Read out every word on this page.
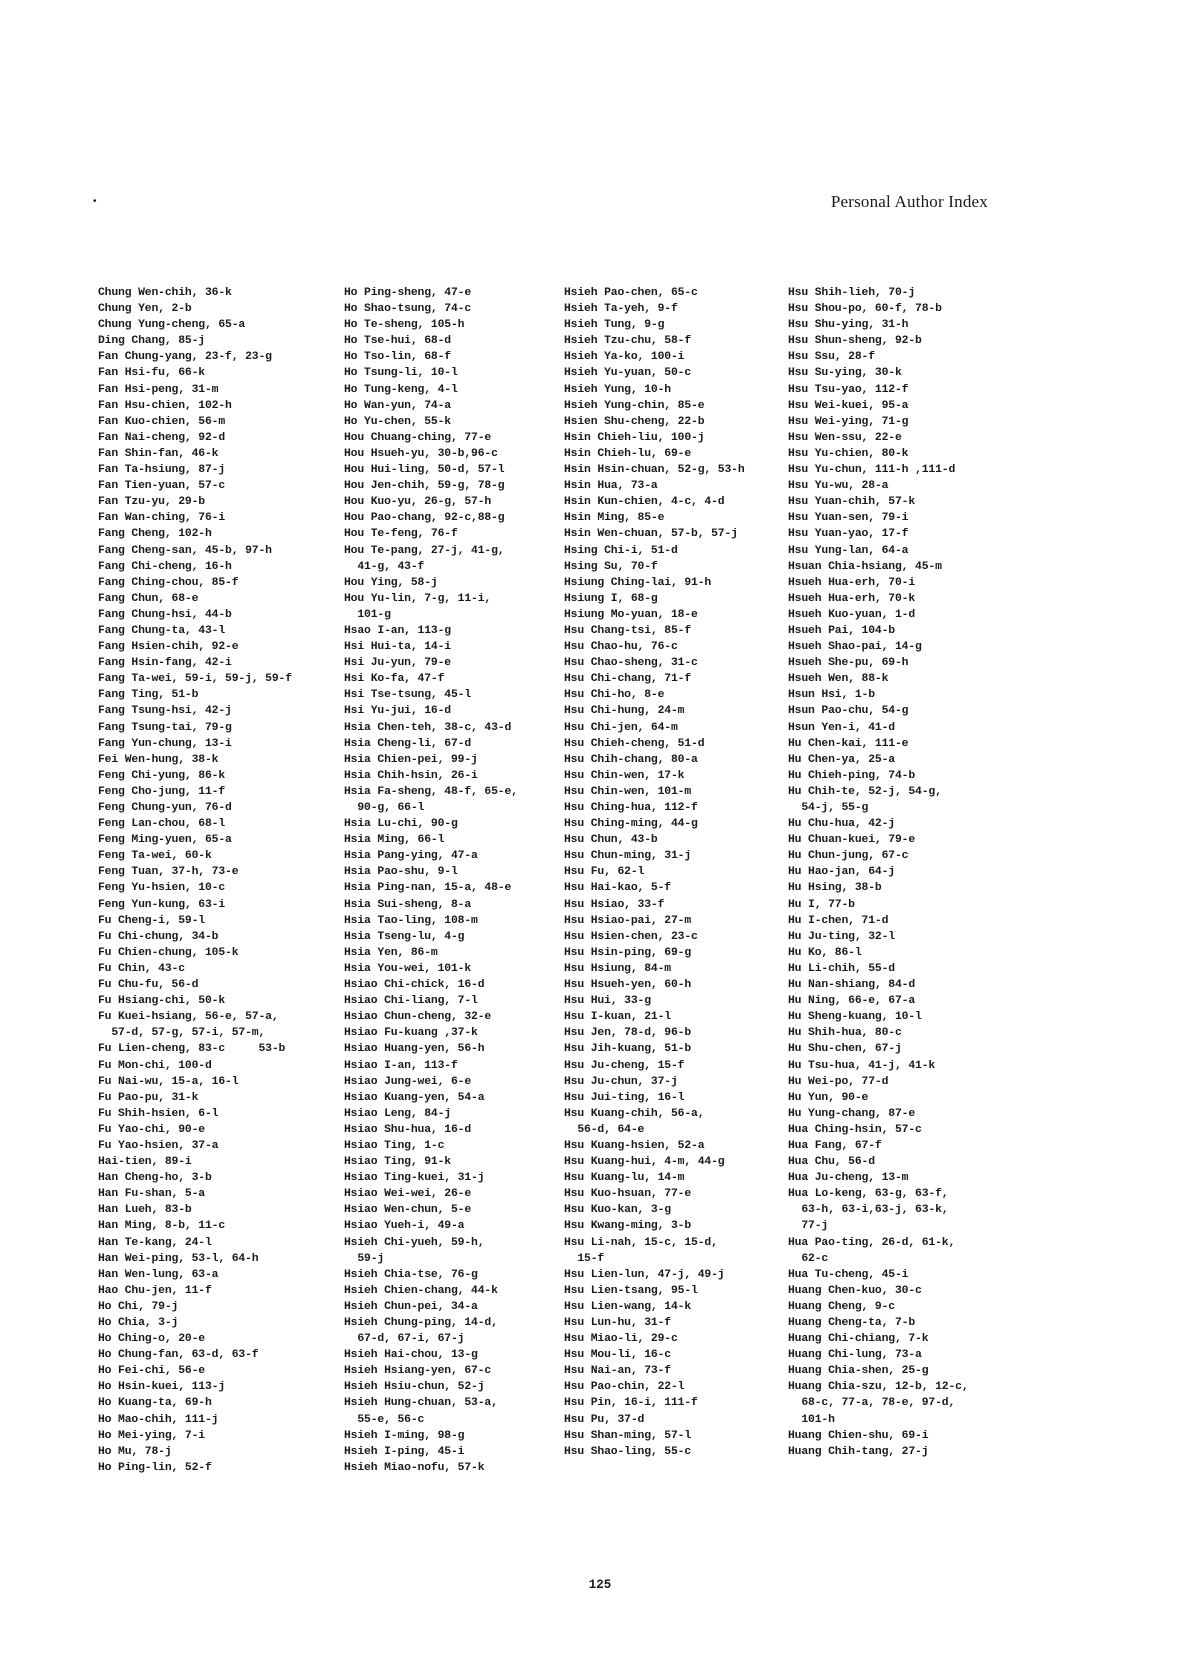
•	Personal Author Index
Chung Wen-chih, 36-k
Chung Yen, 2-b
Chung Yung-cheng, 65-a
Ding Chang, 85-j
Fan Chung-yang, 23-f, 23-g
Fan Hsi-fu, 66-k
Fan Hsi-peng, 31-m
Fan Hsu-chien, 102-h
Fan Kuo-chien, 56-m
Fan Nai-cheng, 92-d
Fan Shin-fan, 46-k
Fan Ta-hsiung, 87-j
Fan Tien-yuan, 57-c
Fan Tzu-yu, 29-b
Fan Wan-ching, 76-i
Fang Cheng, 102-h
Fang Cheng-san, 45-b, 97-h
Fang Chi-cheng, 16-h
Fang Ching-chou, 85-f
Fang Chun, 68-e
Fang Chung-hsi, 44-b
Fang Chung-ta, 43-l
Fang Hsien-chih, 92-e
Fang Hsin-fang, 42-i
Fang Ta-wei, 59-i, 59-j, 59-f
Fang Ting, 51-b
Fang Tsung-hsi, 42-j
Fang Tsung-tai, 79-g
Fang Yun-chung, 13-i
Fei Wen-hung, 38-k
Feng Chi-yung, 86-k
Feng Cho-jung, 11-f
Feng Chung-yun, 76-d
Feng Lan-chou, 68-l
Feng Ming-yuen, 65-a
Feng Ta-wei, 60-k
Feng Tuan, 37-h, 73-e
Feng Yu-hsien, 10-c
Feng Yun-kung, 63-i
Fu Cheng-i, 59-l
Fu Chi-chung, 34-b
Fu Chien-chung, 105-k
Fu Chin, 43-c
Fu Chu-fu, 56-d
Fu Hsiang-chi, 50-k
Fu Kuei-hsiang, 56-e, 57-a,
57-d, 57-g, 57-i, 57-m,
Fu Lien-cheng, 83-c     53-b
Fu Mon-chi, 100-d
Fu Nai-wu, 15-a, 16-l
Fu Pao-pu, 31-k
Fu Shih-hsien, 6-l
Fu Yao-chi, 90-e
Fu Yao-hsien, 37-a
Hai-tien, 89-i
Han Cheng-ho, 3-b
Han Fu-shan, 5-a
Han Lueh, 83-b
Han Ming, 8-b, 11-c
Han Te-kang, 24-l
Han Wei-ping, 53-l, 64-h
Han Wen-lung, 63-a
Hao Chu-jen, 11-f
Ho Chi, 79-j
Ho Chia, 3-j
Ho Ching-o, 20-e
Ho Chung-fan, 63-d, 63-f
Ho Fei-chi, 56-e
Ho Hsin-kuei, 113-j
Ho Kuang-ta, 69-h
Ho Mao-chih, 111-j
Ho Mei-ying, 7-i
Ho Mu, 78-j
Ho Ping-lin, 52-f
Ho Ping-sheng, 47-e
Ho Shao-tsung, 74-c
Ho Te-sheng, 105-h
Ho Tse-hui, 68-d
Ho Tso-lin, 68-f
Ho Tsung-li, 10-l
Ho Tung-keng, 4-l
Ho Wan-yun, 74-a
Ho Yu-chen, 55-k
Hou Chuang-ching, 77-e
Hou Hsueh-yu, 30-b,96-c
Hou Hui-ling, 50-d, 57-l
Hou Jen-chih, 59-g, 78-g
Hou Kuo-yu, 26-g, 57-h
Hou Pao-chang, 92-c,88-g
Hou Te-feng, 76-f
Hou Te-pang, 27-j, 41-g,
41-g, 43-f
Hou Ying, 58-j
Hou Yu-lin, 7-g, 11-i,
101-g
Hsao I-an, 113-g
Hsi Hui-ta, 14-i
Hsi Ju-yun, 79-e
Hsi Ko-fa, 47-f
Hsi Tse-tsung, 45-l
Hsi Yu-jui, 16-d
Hsia Chen-teh, 38-c, 43-d
Hsia Cheng-li, 67-d
Hsia Chien-pei, 99-j
Hsia Chih-hsin, 26-i
Hsia Fa-sheng, 48-f, 65-e,
90-g, 66-l
Hsia Lu-chi, 90-g
Hsia Ming, 66-l
Hsia Pang-ying, 47-a
Hsia Pao-shu, 9-l
Hsia Ping-nan, 15-a, 48-e
Hsia Sui-sheng, 8-a
Hsia Tao-ling, 108-m
Hsia Tseng-lu, 4-g
Hsia Yen, 86-m
Hsia You-wei, 101-k
Hsiao Chi-chick, 16-d
Hsiao Chi-liang, 7-l
Hsiao Chun-cheng, 32-e
Hsiao Fu-kuang ,37-k
Hsiao Huang-yen, 56-h
Hsiao I-an, 113-f
Hsiao Jung-wei, 6-e
Hsiao Kuang-yen, 54-a
Hsiao Leng, 84-j
Hsiao Shu-hua, 16-d
Hsiao Ting, 1-c
Hsiao Ting, 91-k
Hsiao Ting-kuei, 31-j
Hsiao Wei-wei, 26-e
Hsiao Wen-chun, 5-e
Hsiao Yueh-i, 49-a
Hsieh Chi-yueh, 59-h,
59-j
Hsieh Chia-tse, 76-g
Hsieh Chien-chang, 44-k
Hsieh Chun-pei, 34-a
Hsieh Chung-ping, 14-d,
67-d, 67-i, 67-j
Hsieh Hai-chou, 13-g
Hsieh Hsiang-yen, 67-c
Hsieh Hsiu-chun, 52-j
Hsieh Hung-chuan, 53-a,
55-e, 56-c
Hsieh I-ming, 98-g
Hsieh I-ping, 45-i
Hsieh Miao-nofu, 57-k
Hsieh Pao-chen, 65-c
Hsieh Ta-yeh, 9-f
Hsieh Tung, 9-g
Hsieh Tzu-chu, 58-f
Hsieh Ya-ko, 100-i
Hsieh Yu-yuan, 50-c
Hsieh Yung, 10-h
Hsieh Yung-chin, 85-e
Hsien Shu-cheng, 22-b
Hsin Chieh-liu, 100-j
Hsin Chieh-lu, 69-e
Hsin Hsin-chuan, 52-g, 53-h
Hsin Hua, 73-a
Hsin Kun-chien, 4-c, 4-d
Hsin Ming, 85-e
Hsin Wen-chuan, 57-b, 57-j
Hsing Chi-i, 51-d
Hsing Su, 70-f
Hsiung Ching-lai, 91-h
Hsiung I, 68-g
Hsiung Mo-yuan, 18-e
Hsu Chang-tsi, 85-f
Hsu Chao-hu, 76-c
Hsu Chao-sheng, 31-c
Hsu Chi-chang, 71-f
Hsu Chi-ho, 8-e
Hsu Chi-hung, 24-m
Hsu Chi-jen, 64-m
Hsu Chieh-cheng, 51-d
Hsu Chih-chang, 80-a
Hsu Chin-wen, 17-k
Hsu Chin-wen, 101-m
Hsu Ching-hua, 112-f
Hsu Ching-ming, 44-g
Hsu Chun, 43-b
Hsu Chun-ming, 31-j
Hsu Fu, 62-l
Hsu Hai-kao, 5-f
Hsu Hsiao, 33-f
Hsu Hsiao-pai, 27-m
Hsu Hsien-chen, 23-c
Hsu Hsin-ping, 69-g
Hsu Hsiung, 84-m
Hsu Hsueh-yen, 60-h
Hsu Hui, 33-g
Hsu I-kuan, 21-l
Hsu Jen, 78-d, 96-b
Hsu Jih-kuang, 51-b
Hsu Ju-cheng, 15-f
Hsu Ju-chun, 37-j
Hsu Jui-ting, 16-l
Hsu Kuang-chih, 56-a,
56-d, 64-e
Hsu Kuang-hsien, 52-a
Hsu Kuang-hui, 4-m, 44-g
Hsu Kuang-lu, 14-m
Hsu Kuo-hsuan, 77-e
Hsu Kuo-kan, 3-g
Hsu Kwang-ming, 3-b
Hsu Li-nah, 15-c, 15-d,
15-f
Hsu Lien-lun, 47-j, 49-j
Hsu Lien-tsang, 95-l
Hsu Lien-wang, 14-k
Hsu Lun-hu, 31-f
Hsu Miao-li, 29-c
Hsu Mou-li, 16-c
Hsu Nai-an, 73-f
Hsu Pao-chin, 22-l
Hsu Pin, 16-i, 111-f
Hsu Pu, 37-d
Hsu Shan-ming, 57-l
Hsu Shao-ling, 55-c
Hsu Shih-lieh, 70-j
Hsu Shou-po, 60-f, 78-b
Hsu Shu-ying, 31-h
Hsu Shun-sheng, 92-b
Hsu Ssu, 28-f
Hsu Su-ying, 30-k
Hsu Tsu-yao, 112-f
Hsu Wei-kuei, 95-a
Hsu Wei-ying, 71-g
Hsu Wen-ssu, 22-e
Hsu Yu-chien, 80-k
Hsu Yu-chun, 111-h ,111-d
Hsu Yu-wu, 28-a
Hsu Yuan-chih, 57-k
Hsu Yuan-sen, 79-i
Hsu Yuan-yao, 17-f
Hsu Yung-lan, 64-a
Hsuan Chia-hsiang, 45-m
Hsueh Hua-erh, 70-i
Hsueh Hua-erh, 70-k
Hsueh Kuo-yuan, 1-d
Hsueh Pai, 104-b
Hsueh Shao-pai, 14-g
Hsueh She-pu, 69-h
Hsueh Wen, 88-k
Hsun Hsi, 1-b
Hsun Pao-chu, 54-g
Hsun Yen-i, 41-d
Hu Chen-kai, 111-e
Hu Chen-ya, 25-a
Hu Chieh-ping, 74-b
Hu Chih-te, 52-j, 54-g,
54-j, 55-g
Hu Chu-hua, 42-j
Hu Chuan-kuei, 79-e
Hu Chun-jung, 67-c
Hu Hao-jan, 64-j
Hu Hsing, 38-b
Hu I, 77-b
Hu I-chen, 71-d
Hu Ju-ting, 32-l
Hu Ko, 86-l
Hu Li-chih, 55-d
Hu Nan-shiang, 84-d
Hu Ning, 66-e, 67-a
Hu Sheng-kuang, 10-l
Hu Shih-hua, 80-c
Hu Shu-chen, 67-j
Hu Tsu-hua, 41-j, 41-k
Hu Wei-po, 77-d
Hu Yun, 90-e
Hu Yung-chang, 87-e
Hua Ching-hsin, 57-c
Hua Fang, 67-f
Hua Chu, 56-d
Hua Ju-cheng, 13-m
Hua Lo-keng, 63-g, 63-f,
63-h, 63-i,63-j, 63-k,
77-j
Hua Pao-ting, 26-d, 61-k,
62-c
Hua Tu-cheng, 45-i
Huang Chen-kuo, 30-c
Huang Cheng, 9-c
Huang Cheng-ta, 7-b
Huang Chi-chiang, 7-k
Huang Chi-lung, 73-a
Huang Chia-shen, 25-g
Huang Chia-szu, 12-b, 12-c,
68-c, 77-a, 78-e, 97-d,
101-h
Huang Chien-shu, 69-i
Huang Chih-tang, 27-j
125
